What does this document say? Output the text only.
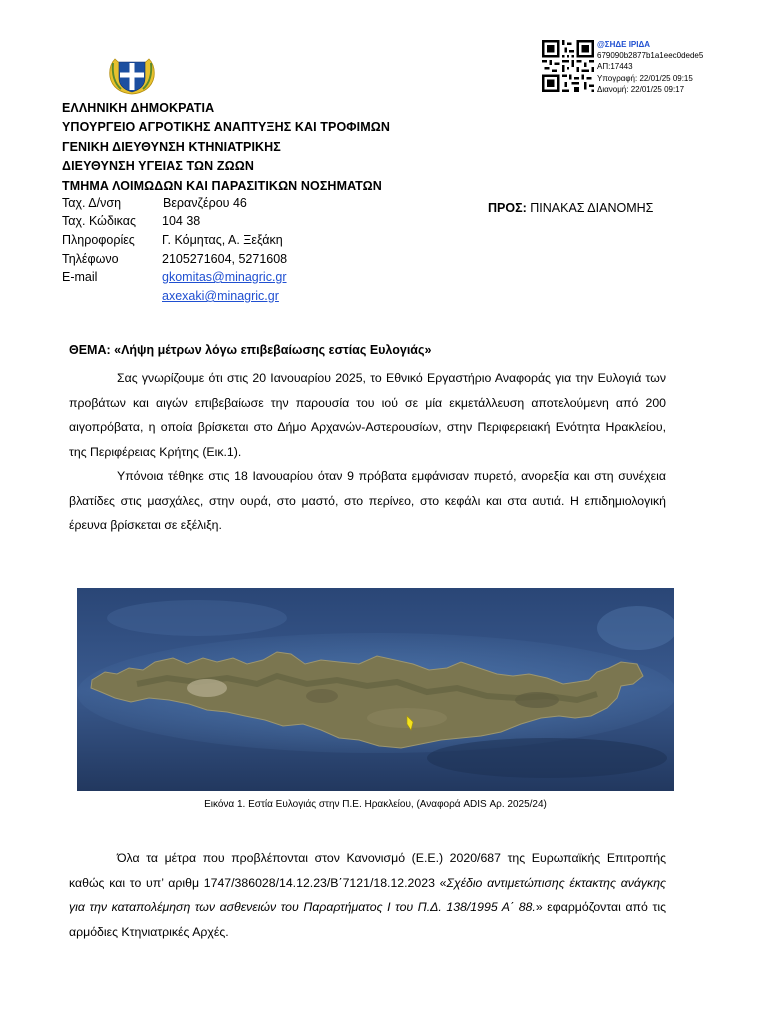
@ΣΗΔΕ ΙΡΙΔΑ
679090b2877b1a1eec0dede5
ΑΠ:17443
Υπογραφή: 22/01/25 09:15
Διανομή: 22/01/25 09:17
ΕΛΛΗΝΙΚΗ ΔΗΜΟΚΡΑΤΙΑ
ΥΠΟΥΡΓΕΙΟ ΑΓΡΟΤΙΚΗΣ ΑΝΑΠΤΥΞΗΣ ΚΑΙ ΤΡΟΦΙΜΩΝ
ΓΕΝΙΚΗ ΔΙΕΥΘΥΝΣΗ ΚΤΗΝΙΑΤΡΙΚΗΣ
ΔΙΕΥΘΥΝΣΗ ΥΓΕΙΑΣ ΤΩΝ ΖΩΩΝ
ΤΜΗΜΑ ΛΟΙΜΩΔΩΝ ΚΑΙ ΠΑΡΑΣΙΤΙΚΩΝ ΝΟΣΗΜΑΤΩΝ
Ταχ. Δ/νση	Βερανζέρου 46
Ταχ. Κώδικας 104 38
Πληροφορίες Γ. Κόμητας, Α. Ξεξάκη
Τηλέφωνο	2105271604, 5271608
E-mail	gkomitas@minagric.gr
axexaki@minagric.gr
ΠΡΟΣ: ΠΙΝΑΚΑΣ ΔΙΑΝΟΜΗΣ
ΘΕΜΑ: «Λήψη μέτρων λόγω επιβεβαίωσης εστίας Ευλογιάς»
Σας γνωρίζουμε ότι στις 20 Ιανουαρίου 2025, το Εθνικό Εργαστήριο Αναφοράς για την Ευλογιά των προβάτων και αιγών επιβεβαίωσε την παρουσία του ιού σε μία εκμετάλλευση αποτελούμενη από 200 αιγοπρόβατα, η οποία βρίσκεται στο Δήμο Αρχανών-Αστερουσίων, στην Περιφερειακή Ενότητα Ηρακλείου, της Περιφέρειας Κρήτης (Εικ.1).
Υπόνοια τέθηκε στις 18 Ιανουαρίου όταν 9 πρόβατα εμφάνισαν πυρετό, ανορεξία και στη συνέχεια βλατίδες στις μασχάλες, στην ουρά, στο μαστό, στο περίνεο, στο κεφάλι και στα αυτιά. Η επιδημιολογική έρευνα βρίσκεται σε εξέλιξη.
Εικόνα 1. Εστία Ευλογιάς στην Π.Ε. Ηρακλείου, (Αναφορά ADIS Αρ. 2025/24)
Όλα τα μέτρα που προβλέπονται στον Κανονισμό (Ε.Ε.) 2020/687 της Ευρωπαϊκής Επιτροπής καθώς και το υπ’ αριθμ 1747/386028/14.12.23/Β΄7121/18.12.2023 «Σχέδιο αντιμετώπισης έκτακτης ανάγκης για την καταπολέμηση των ασθενειών του Παραρτήματος Ι του Π.Δ. 138/1995 Α΄ 88.» εφαρμόζονται από τις αρμόδιες Κτηνιατρικές Αρχές.
